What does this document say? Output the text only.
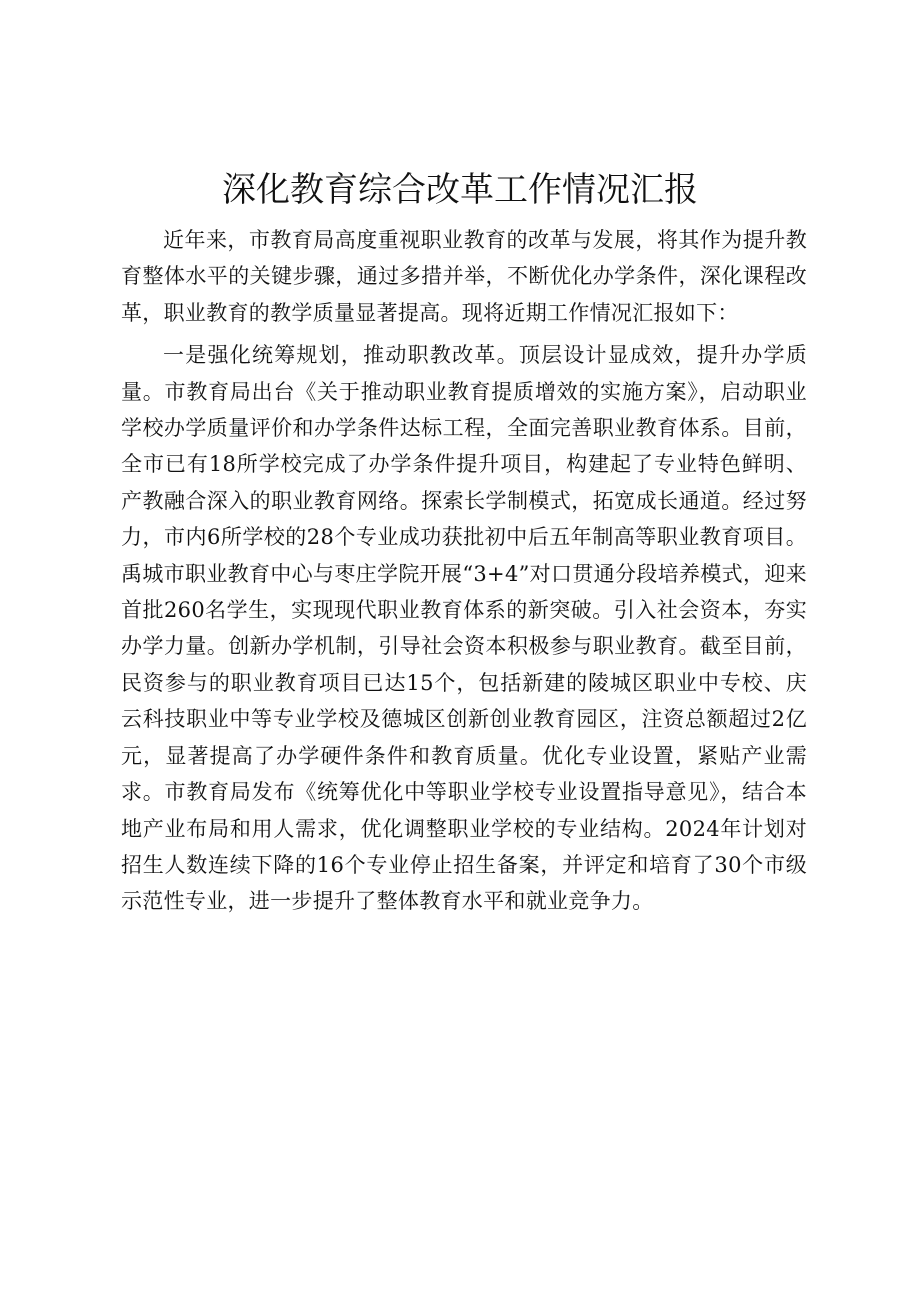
深化教育综合改革工作情况汇报

近年来，市教育局高度重视职业教育的改革与发展，将其作为提升教育整体水平的关键步骤，通过多措并举，不断优化办学条件，深化课程改革，职业教育的教学质量显著提高。现将近期工作情况汇报如下：

一是强化统筹规划，推动职教改革。顶层设计显成效，提升办学质量。市教育局出台《关于推动职业教育提质增效的实施方案》，启动职业学校办学质量评价和办学条件达标工程，全面完善职业教育体系。目前，全市已有18所学校完成了办学条件提升项目，构建起了专业特色鲜明、产教融合深入的职业教育网络。探索长学制模式，拓宽成长通道。经过努力，市内6所学校的28个专业成功获批初中后五年制高等职业教育项目。禹城市职业教育中心与枣庄学院开展“3+4”对口贯通分段培养模式，迎来首批260名学生，实现现代职业教育体系的新突破。引入社会资本，夯实办学力量。创新办学机制，引导社会资本积极参与职业教育。截至目前，民资参与的职业教育项目已达15个，包括新建的陵城区职业中专校、庆云科技职业中等专业学校及德城区创新创业教育园区，注资总额超过2亿元，显著提高了办学硬件条件和教育质量。优化专业设置，紧贴产业需求。市教育局发布《统筹优化中等职业学校专业设置指导意见》，结合本地产业布局和用人需求，优化调整职业学校的专业结构。2024年计划对招生人数连续下降的16个专业停止招生备案，并评定和培育了30个市级示范性专业，进一步提升了整体教育水平和就业竞争力。
